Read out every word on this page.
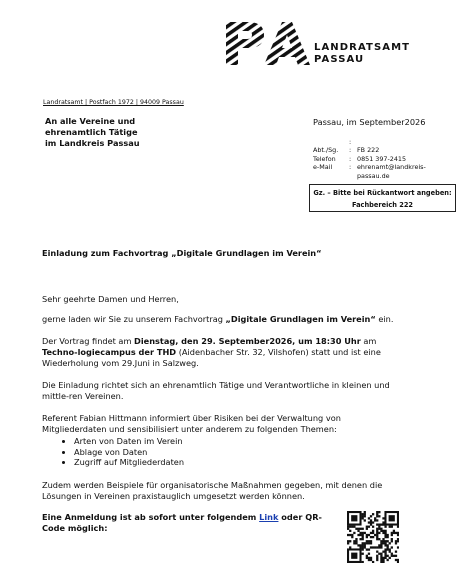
LANDRATSAMT
PASSAU
Landratsamt | Postfach 1972 | 94009 Passau
An alle Vereine und
ehrenamtlich Tätige
im Landkreis Passau
Passau, im September2026
:
Abt./Sg.	: FB 222
Telefon	: 0851 397-2415
e-Mail	: ehrenamt@landkreis-
passau.de
Gz. – Bitte bei Rückantwort angeben:
Fachbereich 222
Einladung zum Fachvortrag „Digitale Grundlagen im Verein“
Sehr geehrte Damen und Herren,
gerne laden wir Sie zu unserem Fachvortrag „Digitale Grundlagen im Verein“ ein.
Der Vortrag findet am Dienstag, den 29. September2026, um 18:30 Uhr am Techno-logiecampus der THD (Aidenbacher Str. 32, Vilshofen) statt und ist eine Wiederholung vom 29.Juni in Salzweg.
Die Einladung richtet sich an ehrenamtlich Tätige und Verantwortliche in kleinen und mittle-ren Vereinen.
Referent Fabian Hittmann informiert über Risiken bei der Verwaltung von Mitgliederdaten und sensibilisiert unter anderem zu folgenden Themen:
• Arten von Daten im Verein
• Ablage von Daten
• Zugriff auf Mitgliederdaten
Zudem werden Beispiele für organisatorische Maßnahmen gegeben, mit denen die Lösungen in Vereinen praxistauglich umgesetzt werden können.
Eine Anmeldung ist ab sofort unter folgendem Link oder QR-Code möglich:
